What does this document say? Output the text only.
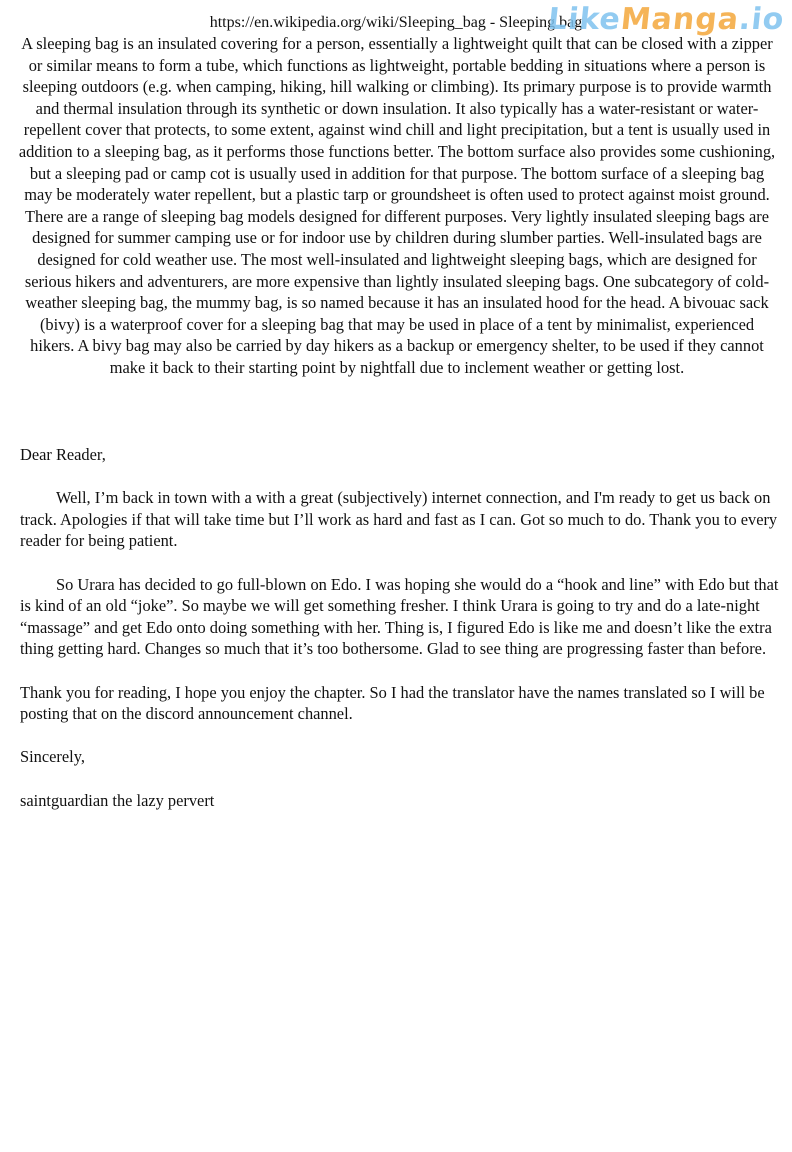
https://en.wikipedia.org/wiki/Sleeping_bag - Sleeping bag
LikeManga.io

A sleeping bag is an insulated covering for a person, essentially a lightweight quilt that can be closed with a zipper or similar means to form a tube, which functions as lightweight, portable bedding in situations where a person is sleeping outdoors (e.g. when camping, hiking, hill walking or climbing). Its primary purpose is to provide warmth and thermal insulation through its synthetic or down insulation. It also typically has a water-resistant or water-repellent cover that protects, to some extent, against wind chill and light precipitation, but a tent is usually used in addition to a sleeping bag, as it performs those functions better. The bottom surface also provides some cushioning, but a sleeping pad or camp cot is usually used in addition for that purpose. The bottom surface of a sleeping bag may be moderately water repellent, but a plastic tarp or groundsheet is often used to protect against moist ground.

There are a range of sleeping bag models designed for different purposes. Very lightly insulated sleeping bags are designed for summer camping use or for indoor use by children during slumber parties. Well-insulated bags are designed for cold weather use. The most well-insulated and lightweight sleeping bags, which are designed for serious hikers and adventurers, are more expensive than lightly insulated sleeping bags. One subcategory of cold-weather sleeping bag, the mummy bag, is so named because it has an insulated hood for the head. A bivouac sack (bivy) is a waterproof cover for a sleeping bag that may be used in place of a tent by minimalist, experienced hikers. A bivy bag may also be carried by day hikers as a backup or emergency shelter, to be used if they cannot make it back to their starting point by nightfall due to inclement weather or getting lost.

Dear Reader,

Well, I’m back in town with a with a great (subjectively) internet connection, and I'm ready to get us back on track. Apologies if that will take time but I’ll work as hard and fast as I can. Got so much to do. Thank you to every reader for being patient.

So Urara has decided to go full-blown on Edo. I was hoping she would do a “hook and line” with Edo but that is kind of an old “joke”. So maybe we will get something fresher. I think Urara is going to try and do a late-night “massage” and get Edo onto doing something with her. Thing is, I figured Edo is like me and doesn’t like the extra thing getting hard. Changes so much that it’s too bothersome. Glad to see thing are progressing faster than before.

Thank you for reading, I hope you enjoy the chapter. So I had the translator have the names translated so I will be posting that on the discord announcement channel.

Sincerely,

saintguardian the lazy pervert
